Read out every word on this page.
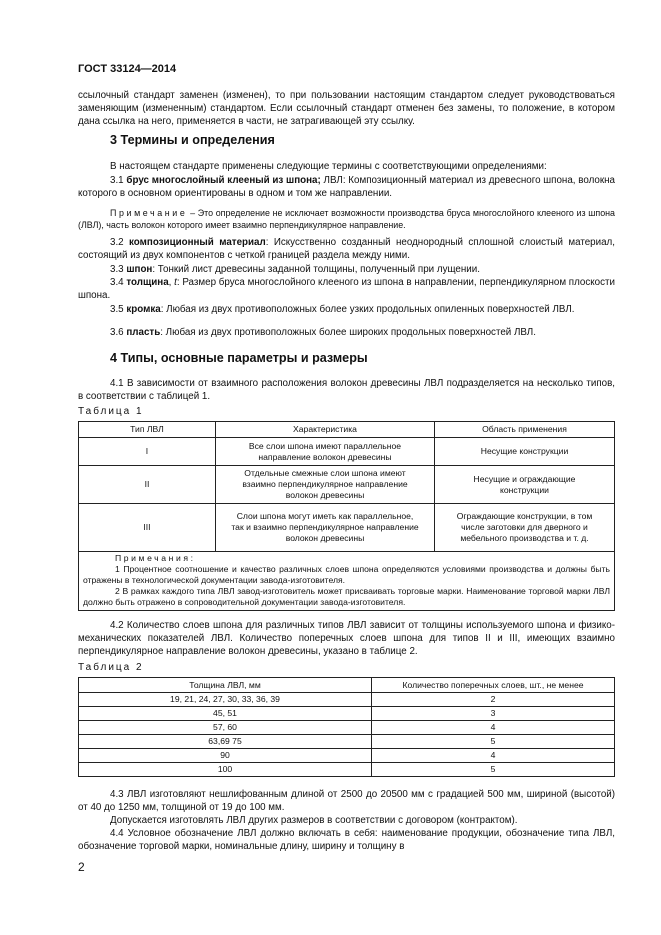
ГОСТ 33124—2014
ссылочный стандарт заменен (изменен), то при пользовании настоящим стандартом следует руководствоваться заменяющим (измененным) стандартом. Если ссылочный стандарт отменен без замены, то положение, в котором дана ссылка на него, применяется в части, не затрагивающей эту ссылку.
3 Термины и определения
В настоящем стандарте применены следующие термины с соответствующими определениями:
3.1 брус многослойный клееный из шпона; ЛВЛ: Композиционный материал из древесного шпона, волокна которого в основном ориентированы в одном и том же направлении.
Примечание – Это определение не исключает возможности производства бруса многослойного клееного из шпона (ЛВЛ), часть волокон которого имеет взаимно перпендикулярное направление.
3.2 композиционный материал: Искусственно созданный неоднородный сплошной слоистый материал, состоящий из двух компонентов с четкой границей раздела между ними.
3.3 шпон: Тонкий лист древесины заданной толщины, полученный при лущении.
3.4 толщина, t: Размер бруса многослойного клееного из шпона в направлении, перпендикулярном плоскости шпона.
3.5 кромка: Любая из двух противоположных более узких продольных опиленных поверхностей ЛВЛ.
3.6 пласть: Любая из двух противоположных более широких продольных поверхностей ЛВЛ.
4 Типы, основные параметры и размеры
4.1 В зависимости от взаимного расположения волокон древесины ЛВЛ подразделяется на несколько типов, в соответствии с таблицей 1.
Таблица 1
Тип ЛВЛ	Характеристика	Область применения
I	Все слои шпона имеют параллельное направление волокон древесины	Несущие конструкции
II	Отдельные смежные слои шпона имеют взаимно перпендикулярное направление волокон древесины	Несущие и ограждающие конструкции
III	Слои шпона могут иметь как параллельное, так и взаимно перпендикулярное направление волокон древесины	Ограждающие конструкции, в том числе заготовки для дверного и мебельного производства и т. д.

Примечания:
1 Процентное соотношение и качество различных слоев шпона определяются условиями производства и должны быть отражены в технологической документации завода-изготовителя.
2 В рамках каждого типа ЛВЛ завод-изготовитель может присваивать торговые марки. Наименование торговой марки ЛВЛ должно быть отражено в сопроводительной документации завода-изготовителя.		
4.2 Количество слоев шпона для различных типов ЛВЛ зависит от толщины используемого шпона и физико-механических показателей ЛВЛ. Количество поперечных слоев шпона для типов II и III, имеющих взаимно перпендикулярное направление волокон древесины, указано в таблице 2.
Таблица 2
Толщина ЛВЛ, мм	Количество поперечных слоев, шт., не менее
19, 21, 24, 27, 30, 33, 36, 39	2
45, 51	3
57, 60	4
63,69 75	5
90	4
100	5
4.3 ЛВЛ изготовляют нешлифованным длиной от 2500 до 20500 мм с градацией 500 мм, шириной (высотой) от 40 до 1250 мм, толщиной от 19 до 100 мм.
Допускается изготовлять ЛВЛ других размеров в соответствии с договором (контрактом).
4.4 Условное обозначение ЛВЛ должно включать в себя: наименование продукции, обозначение типа ЛВЛ, обозначение торговой марки, номинальные длину, ширину и толщину в
2
